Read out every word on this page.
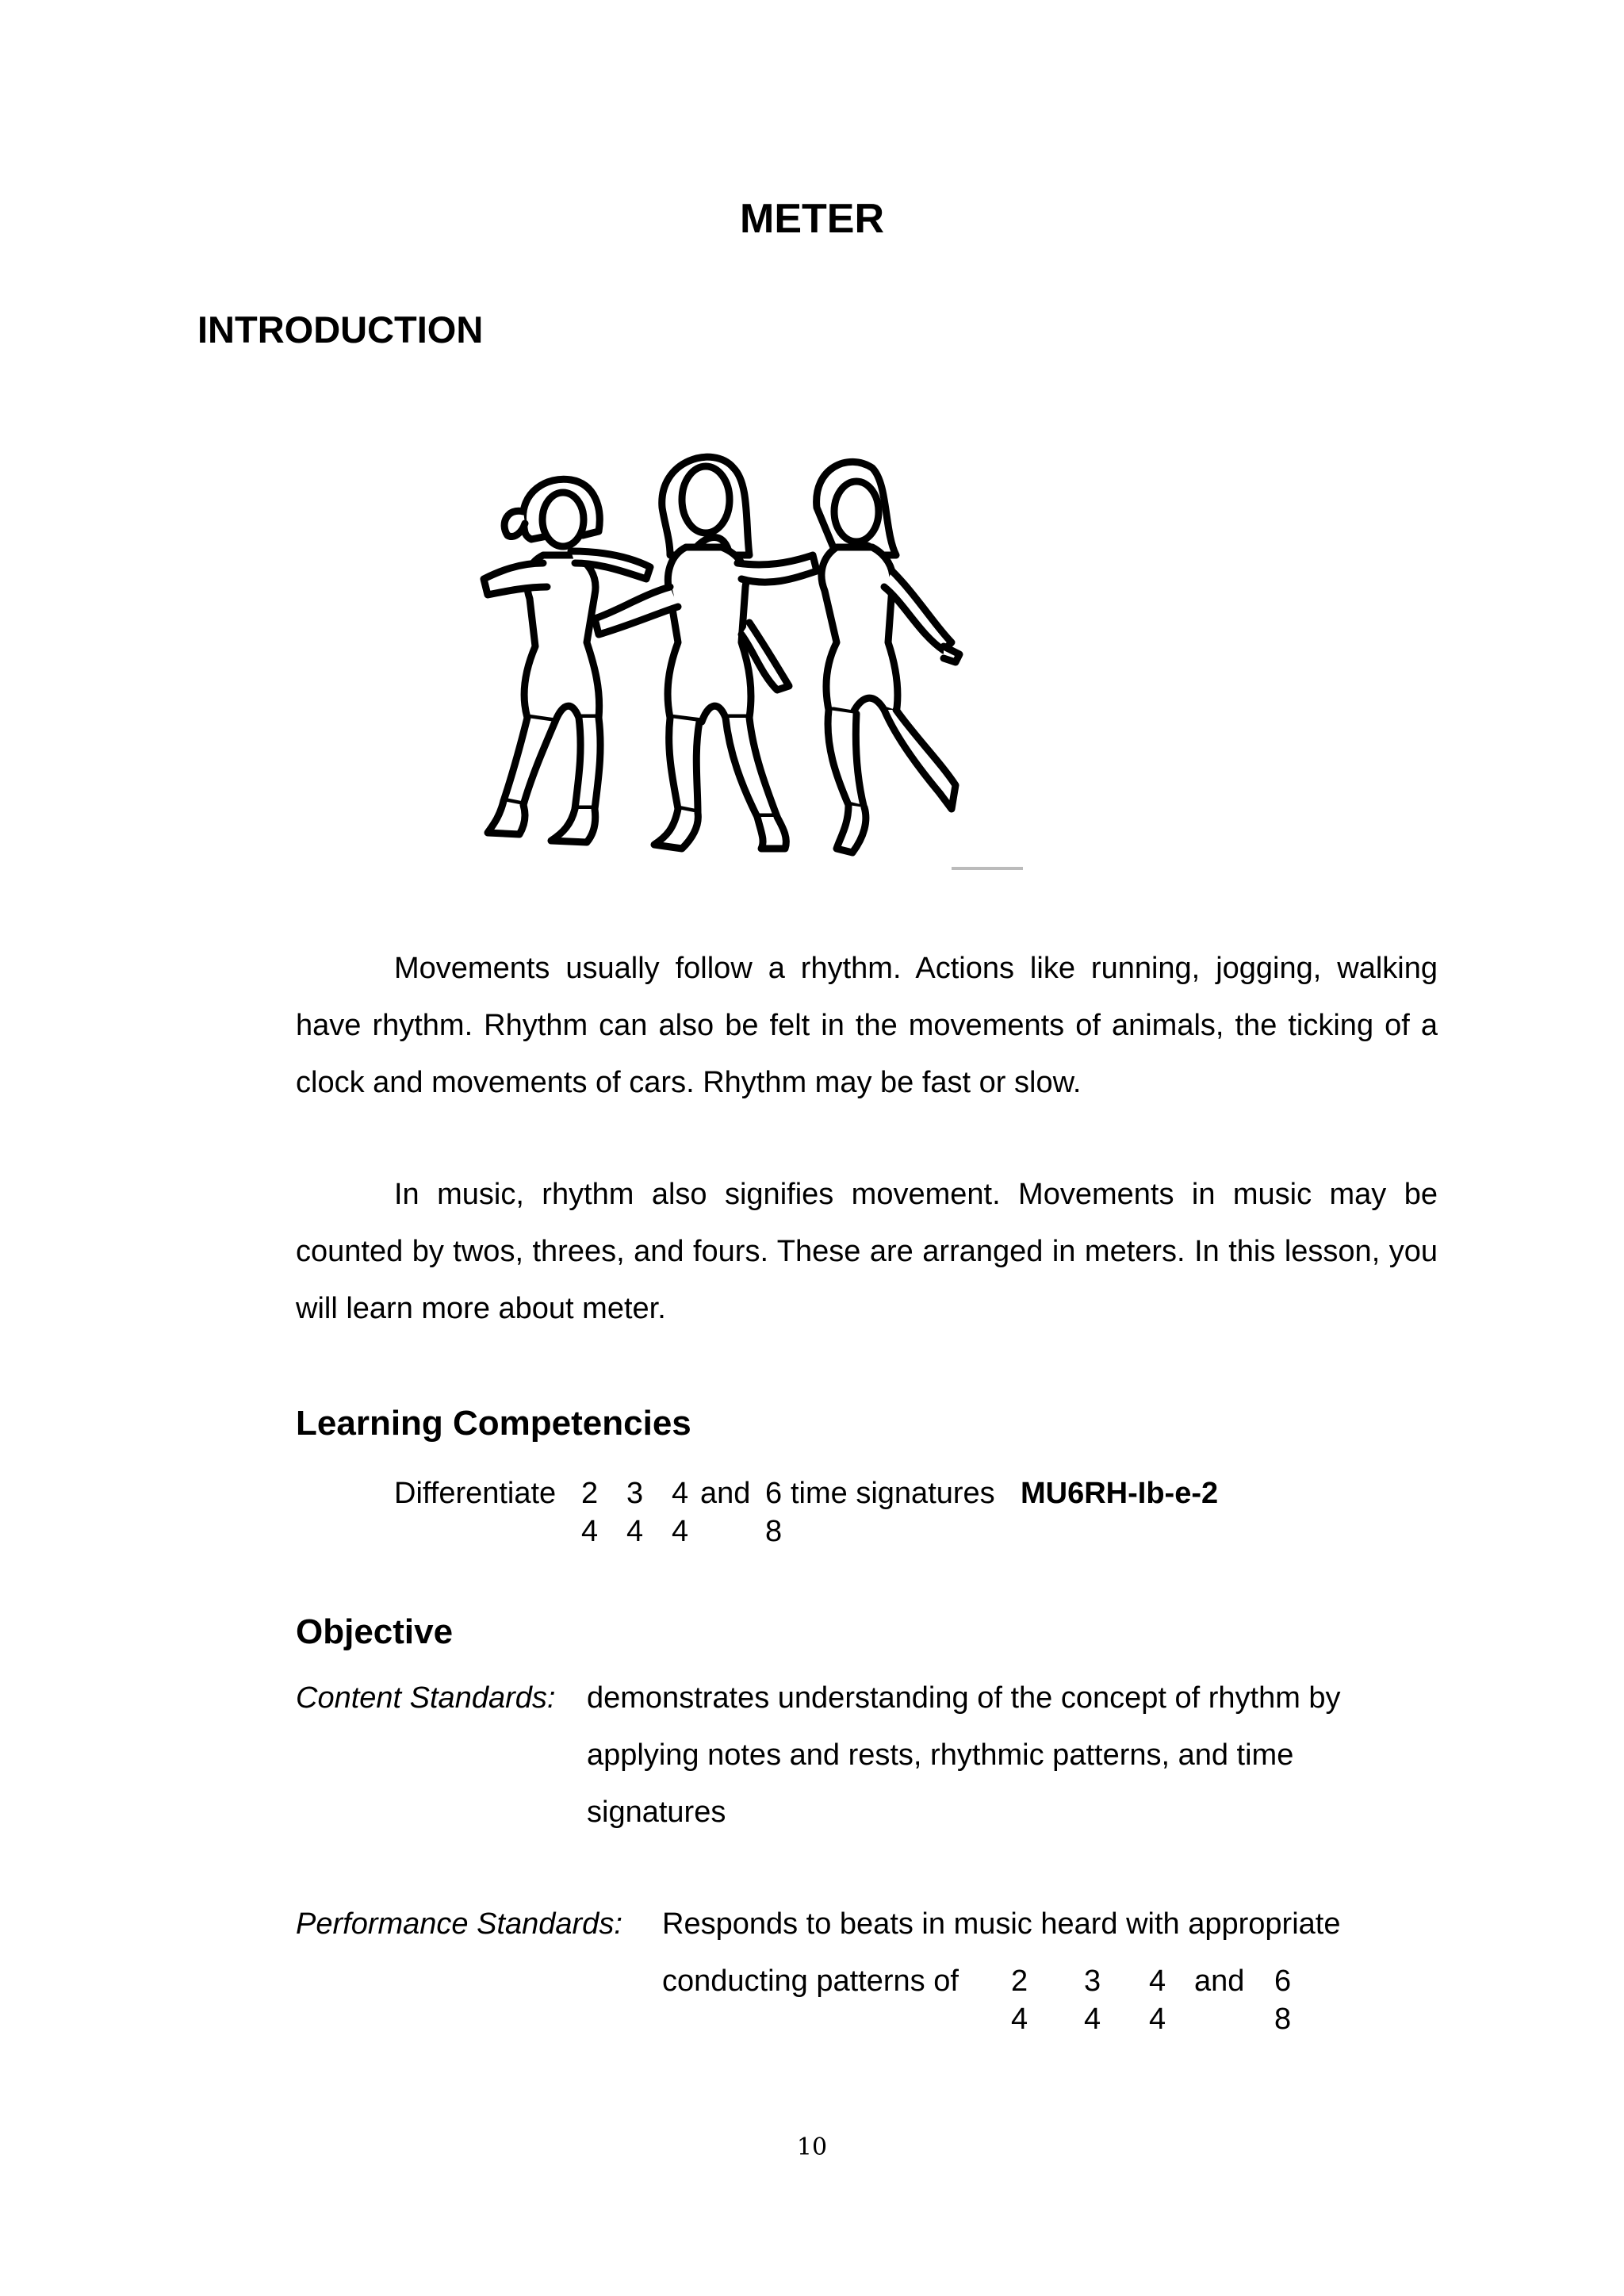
METER
INTRODUCTION

Movements usually follow a rhythm. Actions like running, jogging, walking have rhythm. Rhythm can also be felt in the movements of animals, the ticking of a clock and movements of cars. Rhythm may be fast or slow.

In music, rhythm also signifies movement. Movements in music may be counted by twos, threes, and fours. These are arranged in meters. In this lesson, you will learn more about meter.

Learning Competencies
Differentiate 2
4
3
4
4
4
and 6
8
time signatures MU6RH-Ib-e-2
Objective
Content Standards: demonstrates understanding of the concept of rhythm by
applying notes and rests, rhythmic patterns, and time
signatures
Performance Standards: Responds to beats in music heard with appropriate
conducting patterns of 2
4
3
4
4
4
and 6
8
10
